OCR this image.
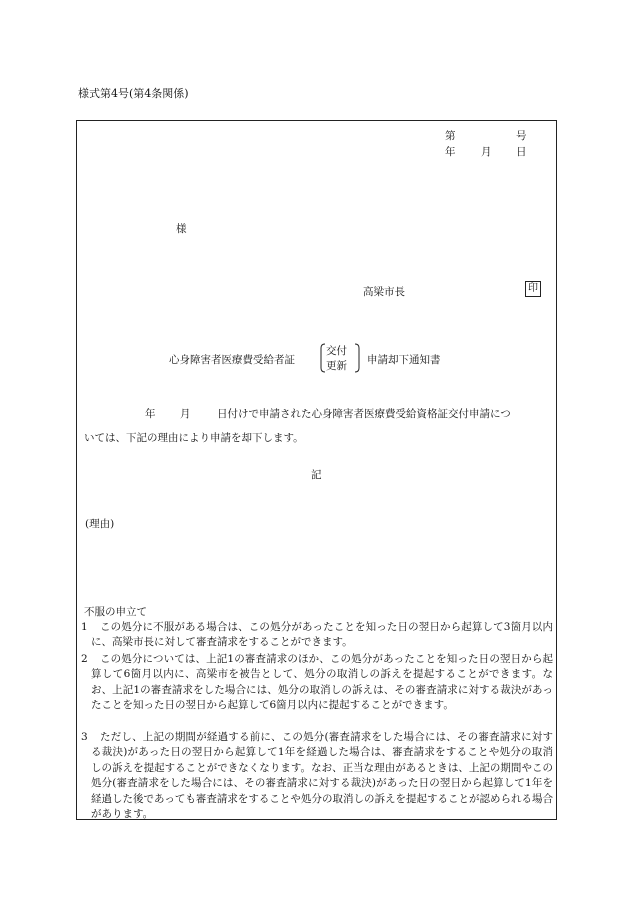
様式第4号(第4条関係)
第	号
年 月 日
様
高梁市長	印
心身障害者医療費受給者証
交付
更新 申請却下通知書
年 月	日付けで申請された心身障害者医療費受給資格証交付申請につ
いては、下記の理由により申請を却下します。
記
(理由)
不服の申立て
1	この処分に不服がある場合は、この処分があったことを知った日の翌日から起算して3箇月以内に、高梁市長に対して審査請求をすることができます。
2	この処分については、上記1の審査請求のほか、この処分があったことを知った日の翌日から起算して6箇月以内に、高梁市を被告として、処分の取消しの訴えを提起することができます。なお、上記1の審査請求をした場合には、処分の取消しの訴えは、その審査請求に対する裁決があったことを知った日の翌日から起算して6箇月以内に提起することができます。
3	ただし、上記の期間が経過する前に、この処分(審査請求をした場合には、その審査請求に対する裁決)があった日の翌日から起算して1年を経過した場合は、審査請求をすることや処分の取消しの訴えを提起することができなくなります。なお、正当な理由があるときは、上記の期間やこの処分(審査請求をした場合には、その審査請求に対する裁決)があった日の翌日から起算して1年を経過した後であっても審査請求をすることや処分の取消しの訴えを提起することが認められる場合があります。
